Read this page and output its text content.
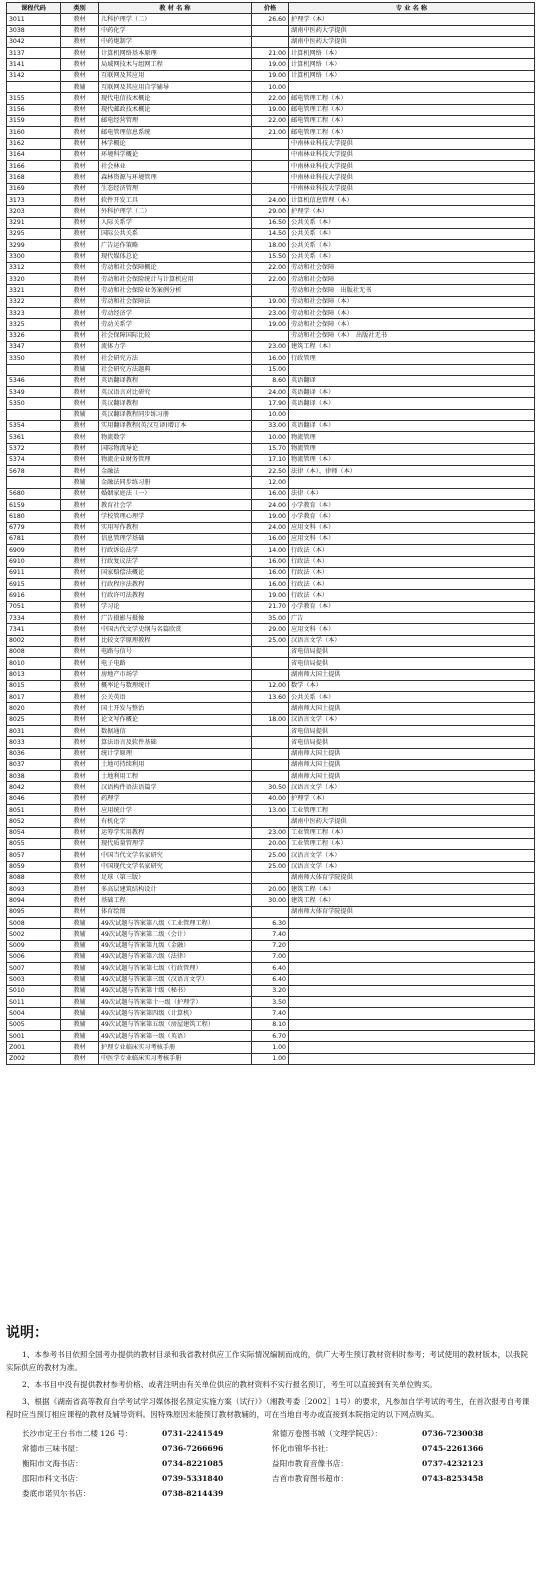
课程代码	类别	教 材 名 称	价格	专 业 名 称
3011	教材	儿科护理学（二）	26.60	护理学（本）
3038	教材	中药化学		湖南中医药大学提供
3042	教材	中药炮制学		湖南中医药大学提供
3137	教材	计算机网络基本原理	21.00	计算机网络（本）
3141	教材	局域网技术与组网工程	19.00	计算机网络（本）
3142	教材	互联网及其应用	19.00	计算机网络（本）
	教辅	互联网及其应用自学辅导	10.00	
3155	教材	现代电信技术概论	22.00	邮电管理工程（本）
3156	教材	现代邮政技术概论	19.00	邮电管理工程（本）
3159	教材	邮电经营管理	22.00	邮电管理工程（本）
3160	教材	邮电管理信息系统	21.00	邮电管理工程（本）
3162	教材	林学概论		中南林业科技大学提供
3164	教材	环境科学概论		中南林业科技大学提供
3166	教材	社会林业		中南林业科技大学提供
3168	教材	森林资源与环境管理		中南林业科技大学提供
3169	教材	生态经济管理		中南林业科技大学提供
3173	教材	软件开发工具	24.00	计算机信息管理（本）
3203	教材	外科护理学（二）	29.00	护理学（本）
3291	教材	人际关系学	16.50	公共关系（本）
3295	教材	国际公共关系	14.50	公共关系（本）
3299	教材	广告运作策略	18.00	公共关系（本）
3300	教材	现代媒体总论	15.50	公共关系（本）
3312	教材	劳动和社会保障概论	22.00	劳动和社会保障
3320	教材	劳动和社会保险统计与计算机应用	22.00	劳动和社会保障
3321	教材	劳动和社会保险业务案例分析		劳动和社会保障　出版社无书
3322	教材	劳动和社会保障法	19.00	劳动和社会保障（本）
3323	教材	劳动经济学	23.00	劳动和社会保障（本）
3325	教材	劳动关系学	19.00	劳动和社会保障（本）
3326	教材	社会保障国际比较		劳动和社会保障（本）　出版社无书
3347	教材	流体力学	23.00	建筑工程（本）
3350	教材	社会研究方法	16.00	行政管理
	教辅	社会研究方法题典	15.00	
5346	教材	英语翻译教程	8.60	英语翻译
5349	教材	英汉语言对比研究	24.00	英语翻译（本）
5350	教材	英汉翻译教程	17.90	英语翻译（本）
	教辅	英汉翻译教程同步练习册	10.00	
5354	教材	实用翻译教程(英汉互译)增订本	33.00	英语翻译（本）
5361	教材	物流数学	10.00	物流管理
5372	教材	国际物流导论	15.70	物流管理
5374	教材	物流企业财务管理	17.10	物流管理（本）
5678	教材	金融法	22.50	法律（本）、律师（本）
	教辅	金融法同步练习册	12.00	
5680	教材	婚姻家庭法（一）	16.00	法律（本）
6159	教材	教育社会学	24.00	小学教育（本）
6180	教材	学校管理心理学	19.00	小学教育（本）
6779	教材	实用写作教程	24.00	应用文科（本）
6781	教材	信息管理学基础	16.00	应用文科（本）
6909	教材	行政诉讼法学	14.00	行政法（本）
6910	教材	行政复议法学	16.00	行政法（本）
6911	教材	国家赔偿法概论	16.00	行政法（本）
6915	教材	行政程序法教程	16.00	行政法（本）
6916	教材	行政许可法教程	19.00	行政法（本）
7051	教材	学习论	21.70	小学教育（本）
7334	教材	广告摄影与摄像	35.00	广告
7341	教材	中国古代文学史纲与名篇欣赏	29.00	应用文科（本）
8002	教材	比较文学原理教程	25.00	汉语言文学（本）
8008	教材	电路与信号		省电信局提供
8010	教材	电子电路		省电信局提供
8013	教材	房地产市场学		湖南师大国土提供
8015	教材	概率论与数理统计	12.00	数学（本）
8017	教材	公关英语	13.60	公共关系（本）
8020	教材	国土开发与整治		湖南师大国土提供
8025	教材	论文写作概论	18.00	汉语言文学（本）
8031	教材	数据通信		省电信局提供
8033	教材	算法语言及软件基础		省电信局提供
8036	教材	统计学原理		湖南师大国土提供
8037	教材	土地可持续利用		湖南师大国土提供
8038	教材	土地利用工程		湖南师大国土提供
8042	教材	汉语构件语法语篇学	30.50	汉语言文学（本）
8046	教材	药理学	40.00	护理学（本）
8051	教材	应用统计学	13.00	工业管理工程
8052	教材	有机化学		湖南中医药大学提供
8054	教材	运筹学实用教程	23.00	工业管理工程（本）
8055	教材	现代质量管理学	20.00	工业管理工程（本）
8057	教材	中国当代文学名家研究	25.00	汉语言文学（本）
8059	教材	中国现代文学名家研究	25.00	汉语言文学（本）
8088	教材	足球（第三版）		湖南师大体育学院提供
8093	教材	多高层建筑结构设计	20.00	建筑工程（本）
8094	教材	基础工程	30.00	建筑工程（本）
8095	教材	体育绘图		湖南师大体育学院提供
S008	教辅	49次试题与答案第八级（工业管理工程）	6.30	
S002	教辅	49次试题与答案第二级（会计）	7.40	
S009	教辅	49次试题与答案第九级（金融）	7.20	
S006	教辅	49次试题与答案第六级（法律）	7.00	
S007	教辅	49次试题与答案第七级（行政管理）	6.40	
S003	教辅	49次试题与答案第三级（汉语言文学）	6.40	
S010	教辅	49次试题与答案第十级（秘书）	3.20	
S011	教辅	49次试题与答案第十一级（护理学）	3.50	
S004	教辅	49次试题与答案第四级（计算机）	7.40	
S005	教辅	49次试题与答案第五级（房屋建筑工程）	8.10	
S001	教辅	49次试题与答案第一级（英语）	6.70	
Z001	教材	护理专业临床实习考核手册	1.00	
Z002	教材	中医学专业临床实习考核手册	1.00	
说明：

1、本参考书目依照全国考办提供的教材目录和我省教材供应工作实际情况编制而成的，供广大考生预订教材资料时参考；考试使用的教材版本，以我院实际供应的教材为准。

2、本书目中没有提供教材参考价格、或者注明由有关单位供应的教材资料不实行报名预订，考生可以直接到有关单位购买。

3、根据《湖南省高等教育自学考试学习媒体报名预定实施方案（试行）》（湘教考委［2002］1号）的要求，凡参加自学考试的考生，在首次报考自考课程时应当预订相应课程的教材及辅导资料。因特殊原因未能预订教材教辅的，可在当地自考办或直接到本院指定的以下网点购买。

长沙市定王台书市二楼 126 号：	0731-2241549	常德万卷图书城（文理学院店）：	0736-7230038
常德市三味书屋：	0736-7266696	怀化市锦华书社：	0745-2261366
衡阳市文海书店：	0734-8221085	益阳市教育音像书店：	0737-4232123
邵阳市科文书店：	0739-5331840	吉首市教育图书超市：	0743-8253458
娄底市诺贝尔书店：	0738-8214439
